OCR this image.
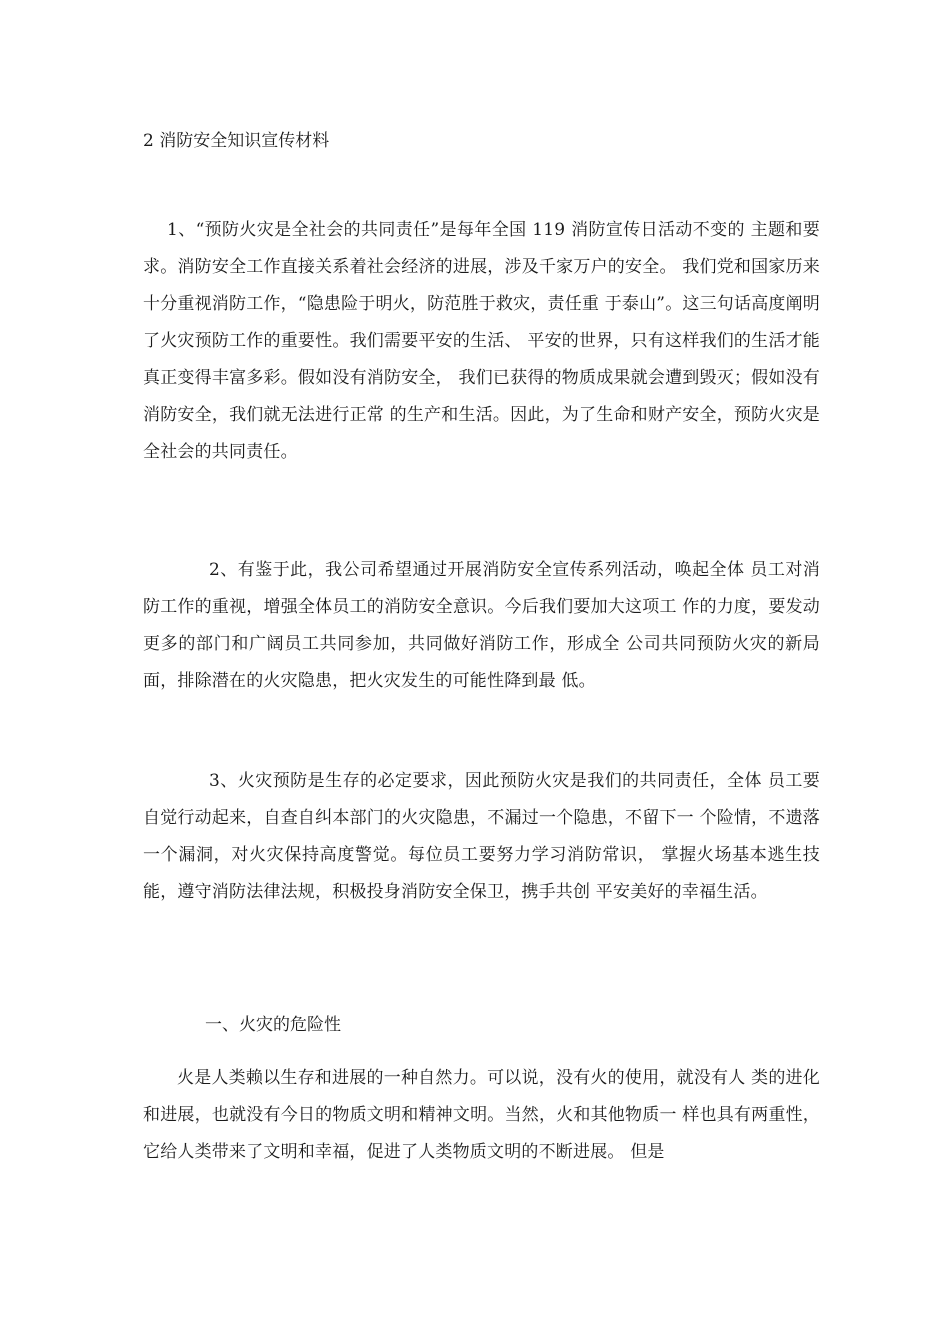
2 消防安全知识宣传材料
1、“预防火灾是全社会的共同责任”是每年全国 119 消防宣传日活动不变的 主题和要求。消防安全工作直接关系着社会经济的进展，涉及千家万户的安全。 我们党和国家历来十分重视消防工作，“隐患险于明火，防范胜于救灾，责任重 于泰山”。这三句话高度阐明了火灾预防工作的重要性。我们需要平安的生活、 平安的世界，只有这样我们的生活才能真正变得丰富多彩。假如没有消防安全， 我们已获得的物质成果就会遭到毁灭；假如没有消防安全，我们就无法进行正常 的生产和生活。因此，为了生命和财产安全，预防火灾是全社会的共同责任。
2、有鉴于此，我公司希望通过开展消防安全宣传系列活动，唤起全体 员工对消防工作的重视，增强全体员工的消防安全意识。今后我们要加大这项工 作的力度，要发动更多的部门和广阔员工共同参加，共同做好消防工作，形成全 公司共同预防火灾的新局面，排除潜在的火灾隐患，把火灾发生的可能性降到最 低。
3、火灾预防是生存的必定要求，因此预防火灾是我们的共同责任，全体 员工要自觉行动起来，自查自纠本部门的火灾隐患，不漏过一个隐患，不留下一 个险情，不遗落一个漏洞，对火灾保持高度警觉。每位员工要努力学习消防常识， 掌握火场基本逃生技能，遵守消防法律法规，积极投身消防安全保卫，携手共创 平安美好的幸福生活。
一、火灾的危险性
火是人类赖以生存和进展的一种自然力。可以说，没有火的使用，就没有人 类的进化和进展，也就没有今日的物质文明和精神文明。当然，火和其他物质一 样也具有两重性，它给人类带来了文明和幸福，促进了人类物质文明的不断进展。 但是
